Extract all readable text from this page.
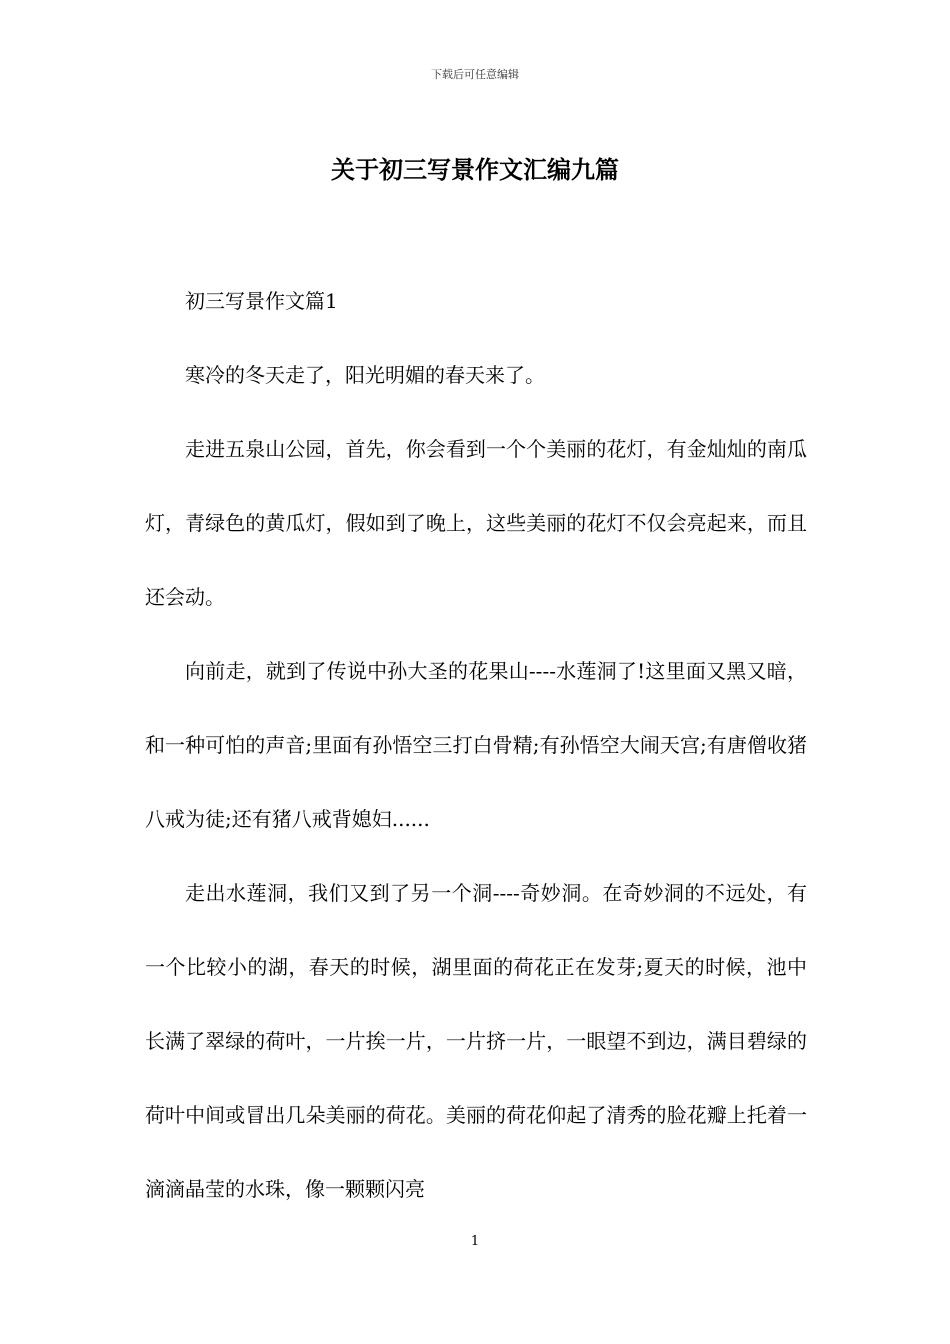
下载后可任意编辑
关于初三写景作文汇编九篇

初三写景作文篇1

寒冷的冬天走了，阳光明媚的春天来了。

走进五泉山公园，首先，你会看到一个个美丽的花灯，有金灿灿的南瓜灯，青绿色的黄瓜灯，假如到了晚上，这些美丽的花灯不仅会亮起来，而且还会动。

向前走，就到了传说中孙大圣的花果山----水莲洞了!这里面又黑又暗，和一种可怕的声音;里面有孙悟空三打白骨精;有孙悟空大闹天宫;有唐僧收猪八戒为徒;还有猪八戒背媳妇......

走出水莲洞，我们又到了另一个洞----奇妙洞。在奇妙洞的不远处，有一个比较小的湖，春天的时候，湖里面的荷花正在发芽;夏天的时候，池中长满了翠绿的荷叶，一片挨一片，一片挤一片，一眼望不到边，满目碧绿的荷叶中间或冒出几朵美丽的荷花。美丽的荷花仰起了清秀的脸花瓣上托着一滴滴晶莹的水珠，像一颗颗闪亮

1
